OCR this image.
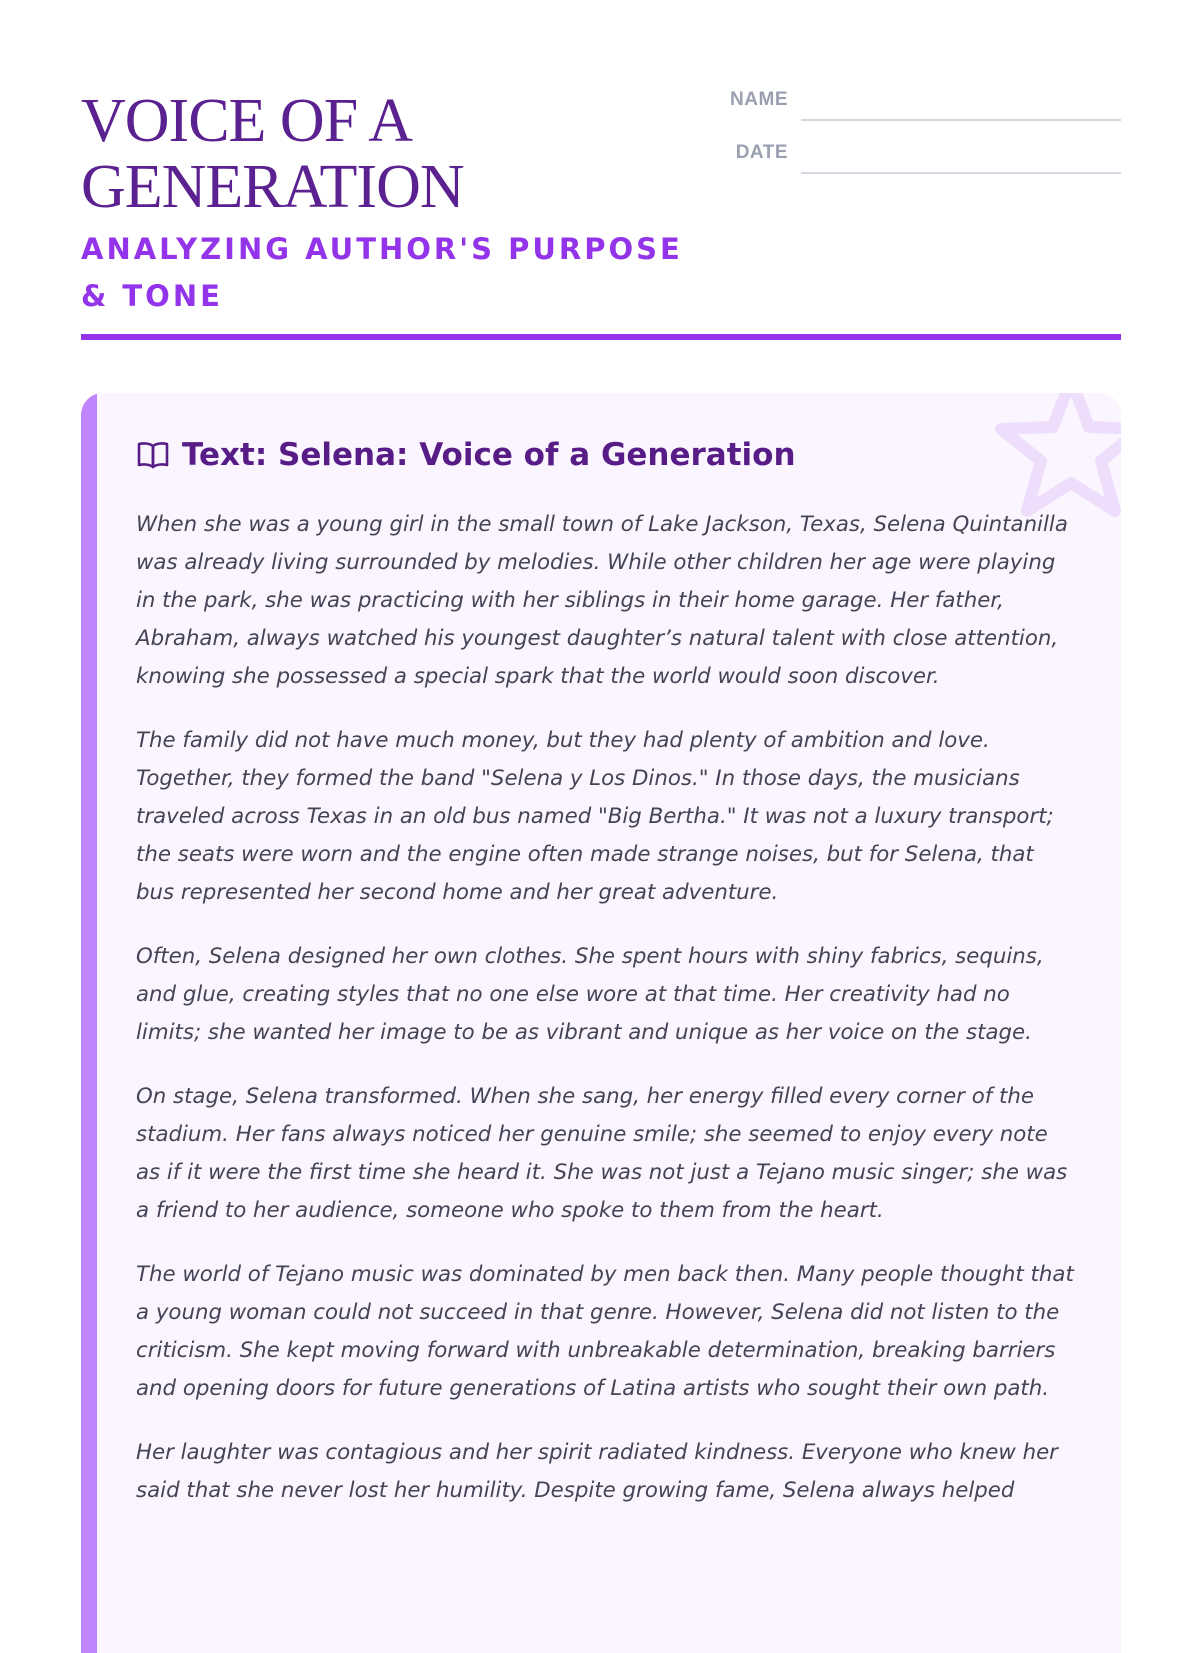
VOICE OF A
GENERATION
ANALYZING AUTHOR'S PURPOSE
& TONE
NAME
DATE
Text: Selena: Voice of a Generation

When she was a young girl in the small town of Lake Jackson, Texas, Selena Quintanilla was already living surrounded by melodies. While other children her age were playing in the park, she was practicing with her siblings in their home garage. Her father, Abraham, always watched his youngest daughter’s natural talent with close attention, knowing she possessed a special spark that the world would soon discover.

The family did not have much money, but they had plenty of ambition and love. Together, they formed the band "Selena y Los Dinos." In those days, the musicians traveled across Texas in an old bus named "Big Bertha." It was not a luxury transport; the seats were worn and the engine often made strange noises, but for Selena, that bus represented her second home and her great adventure.

Often, Selena designed her own clothes. She spent hours with shiny fabrics, sequins, and glue, creating styles that no one else wore at that time. Her creativity had no limits; she wanted her image to be as vibrant and unique as her voice on the stage.

On stage, Selena transformed. When she sang, her energy filled every corner of the stadium. Her fans always noticed her genuine smile; she seemed to enjoy every note as if it were the first time she heard it. She was not just a Tejano music singer; she was a friend to her audience, someone who spoke to them from the heart.

The world of Tejano music was dominated by men back then. Many people thought that a young woman could not succeed in that genre. However, Selena did not listen to the criticism. She kept moving forward with unbreakable determination, breaking barriers and opening doors for future generations of Latina artists who sought their own path.

Her laughter was contagious and her spirit radiated kindness. Everyone who knew her said that she never lost her humility. Despite growing fame, Selena always helped
